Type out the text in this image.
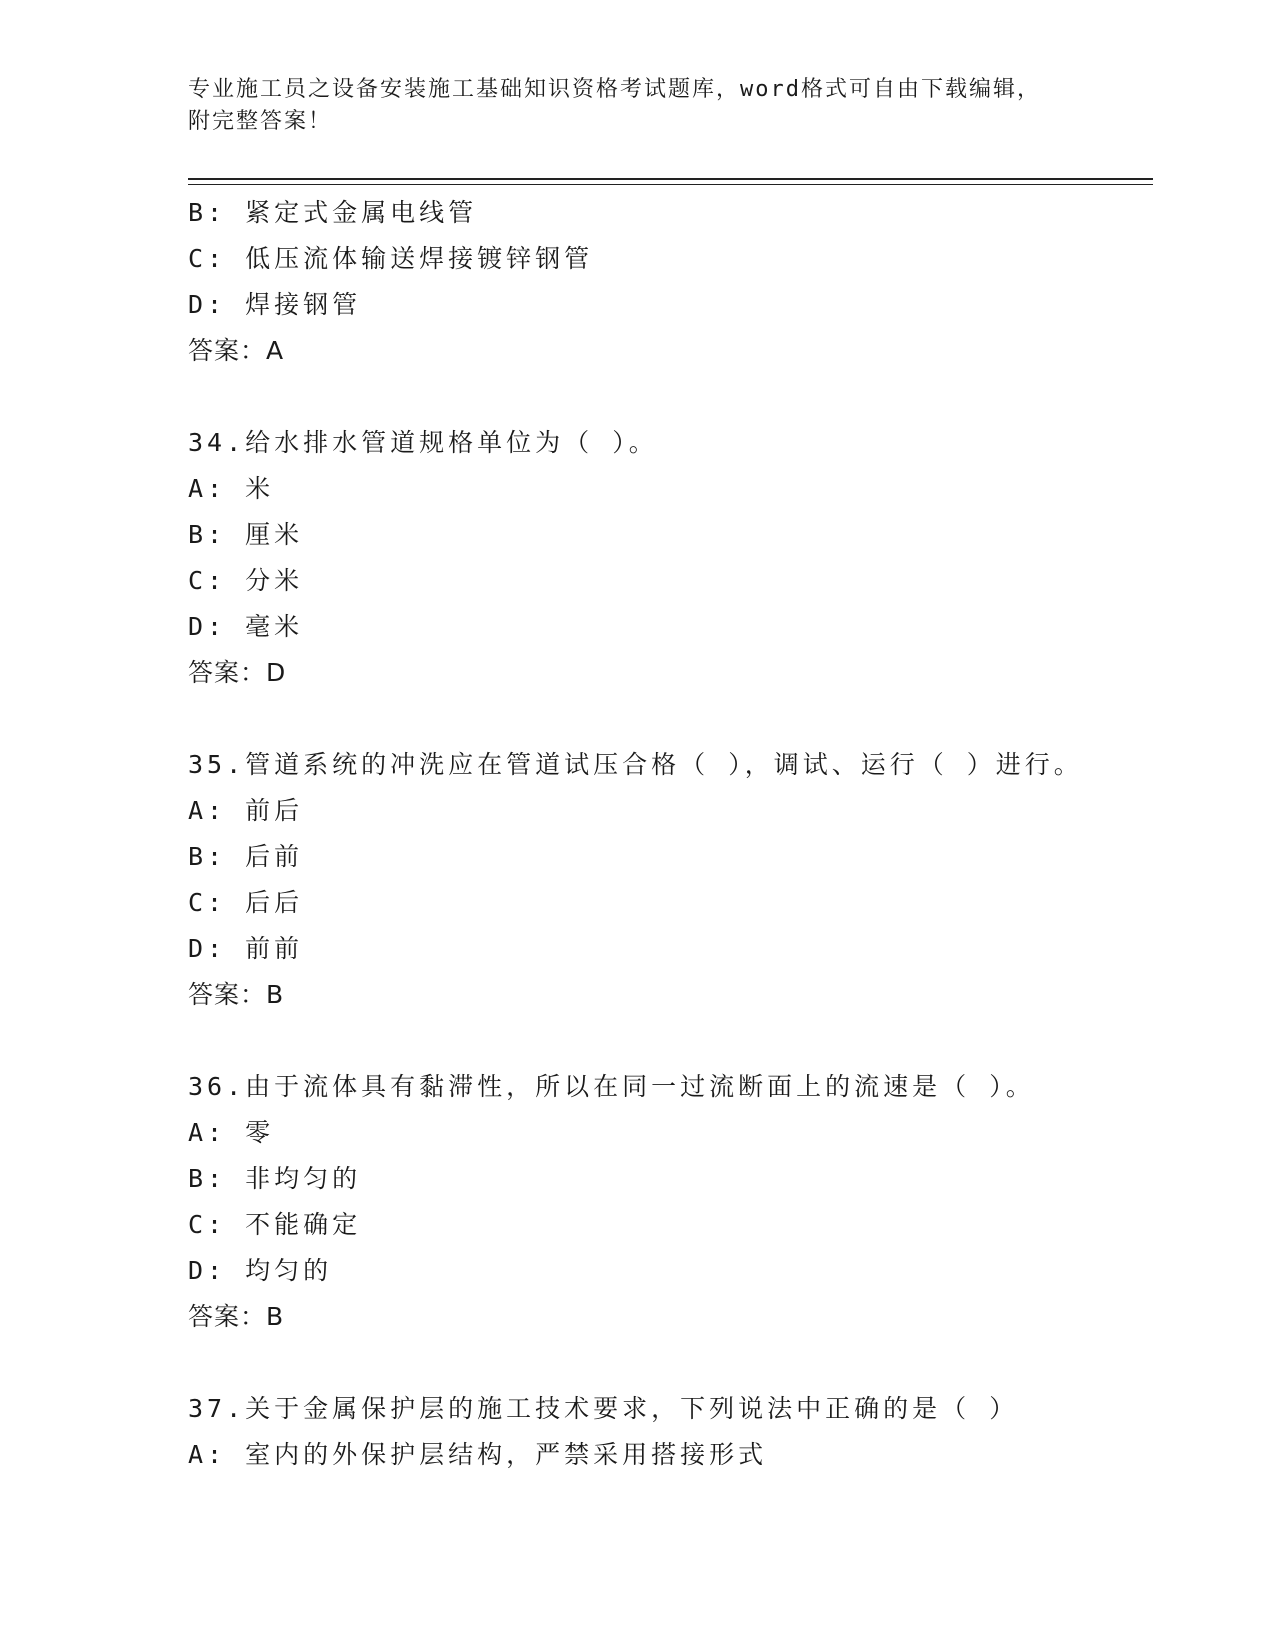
专业施工员之设备安装施工基础知识资格考试题库，word格式可自由下载编辑，
附完整答案！
B: 紧定式金属电线管
C: 低压流体输送焊接镀锌钢管
D: 焊接钢管
答案：A
34.给水排水管道规格单位为（ ）。
A: 米
B: 厘米
C: 分米
D: 毫米
答案：D
35.管道系统的冲洗应在管道试压合格（ ），调试、运行（ ）进行。
A: 前后
B: 后前
C: 后后
D: 前前
答案：B
36.由于流体具有黏滞性，所以在同一过流断面上的流速是（ ）。
A: 零
B: 非均匀的
C: 不能确定
D: 均匀的
答案：B
37.关于金属保护层的施工技术要求，下列说法中正确的是（ ）
A: 室内的外保护层结构，严禁采用搭接形式
